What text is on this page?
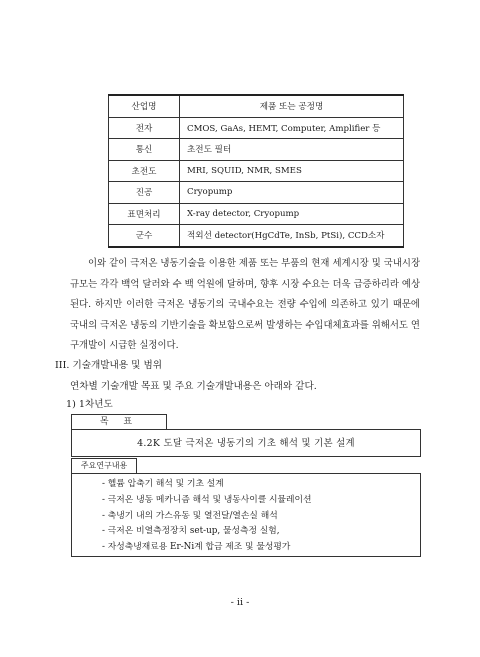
산업명	제품 또는 공정명
전자	CMOS, GaAs, HEMT, Computer, Amplifier 등
통신	초전도 필터
초전도	MRI, SQUID, NMR, SMES
진공	Cryopump
표면처리	X-ray detector, Cryopump
군수	적외선 detector(HgCdTe, InSb, PtSi), CCD소자

이와 같이 극저온 냉동기술을 이용한 제품 또는 부품의 현재 세계시장 및 국내시장 규모는 각각 백억 달러와 수 백 억원에 달하며, 향후 시장 수요는 더욱 급증하리라 예상된다. 하지만 이러한 극저온 냉동기의 국내수요는 전량 수입에 의존하고 있기 때문에 국내의 극저온 냉동의 기반기술을 확보함으로써 발생하는 수입대체효과를 위해서도 연구개발이 시급한 실정이다.

III. 기술개발내용 및 범위

연차별 기술개발 목표 및 주요 기술개발내용은 아래와 같다.

1) 1차년도

목 표
4.2K 도달 극저온 냉동기의 기초 해석 및 기본 설계
주요연구내용
- 헬륨 압축기 해석 및 기초 설계
- 극저온 냉동 메카니즘 해석 및 냉동사이클 시뮬레이션
- 축냉기 내의 가스유동 및 열전달/열손실 해석
- 극저온 비열측정장치 set-up, 물성측정 실험,
- 자성축냉재료용 Er-Ni계 합금 제조 및 물성평가

- ii -
